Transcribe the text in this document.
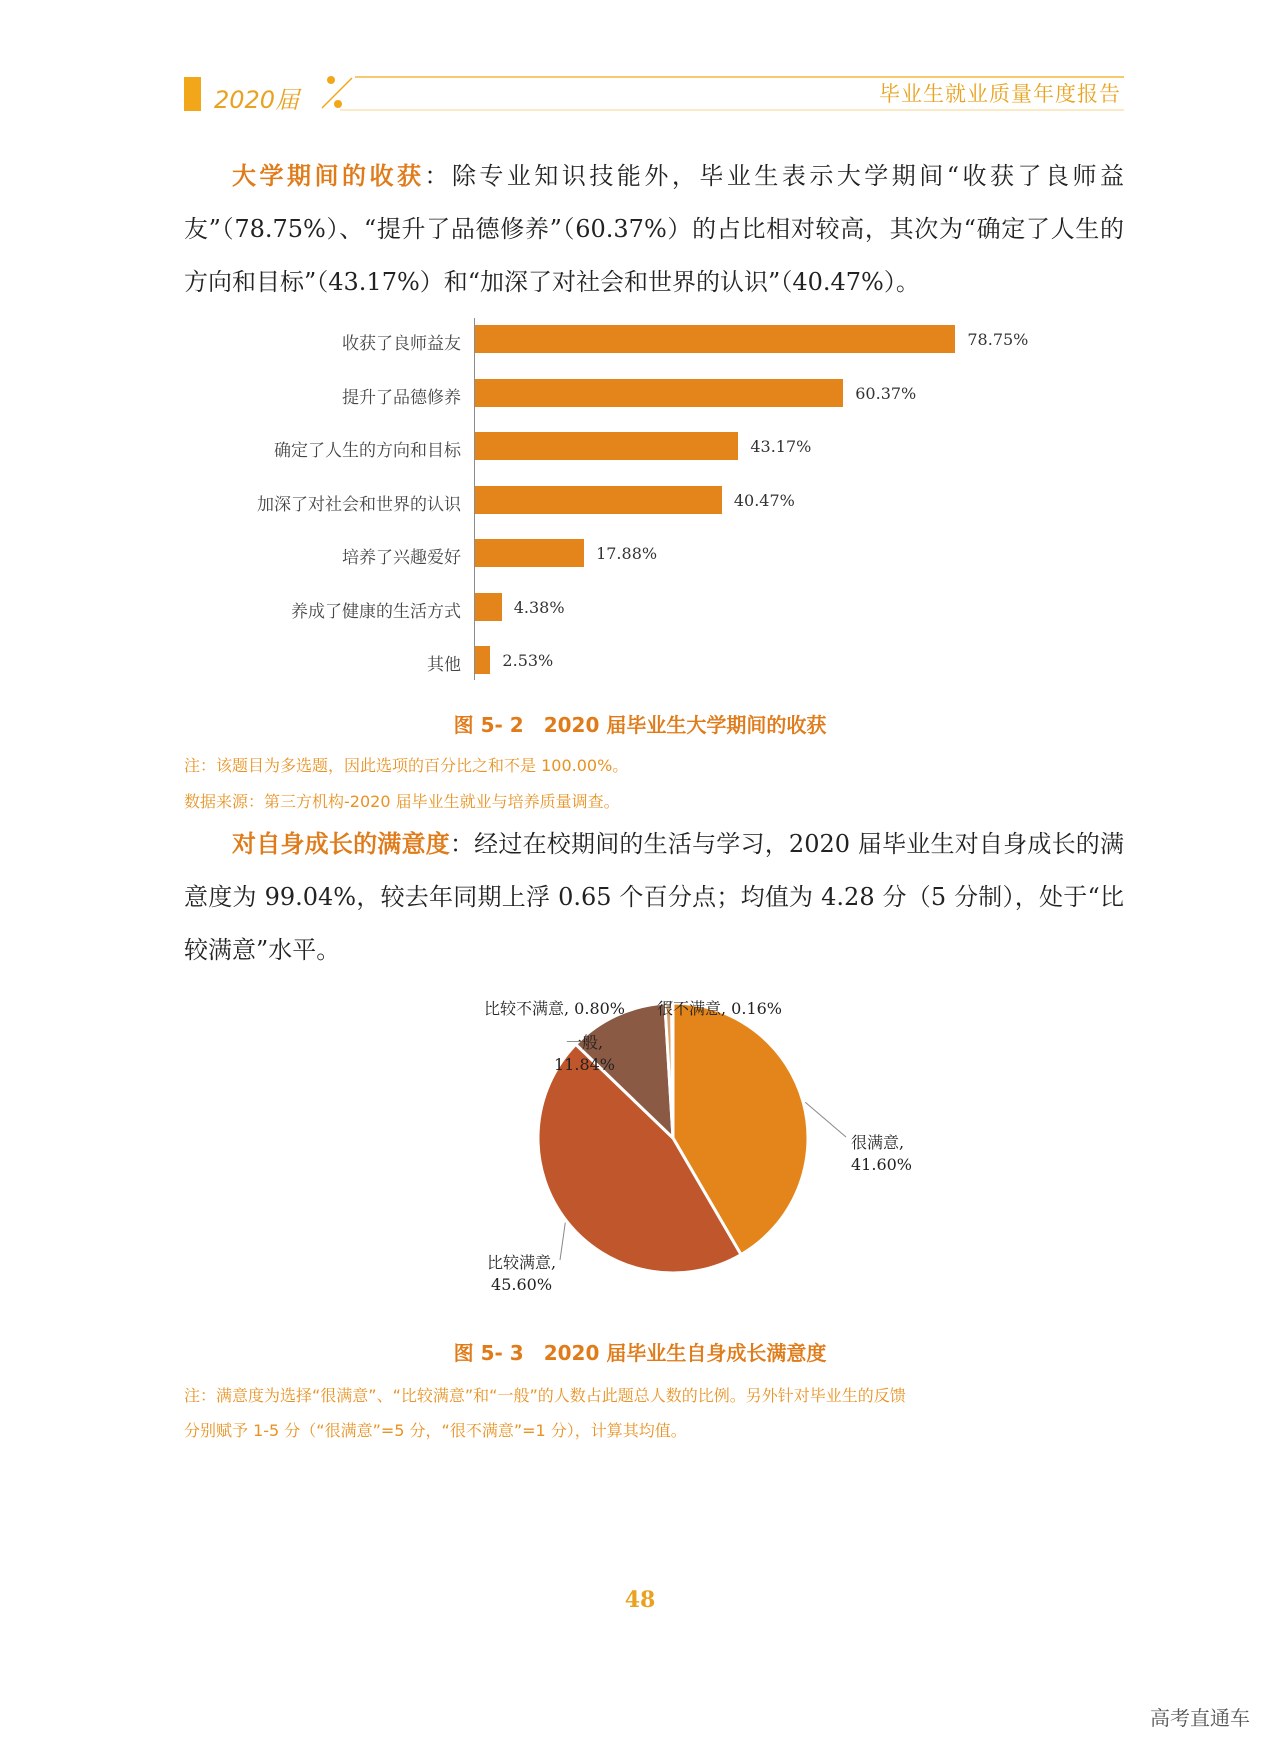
2020届	毕业生就业质量年度报告

大学期间的收获：除专业知识技能外，毕业生表示大学期间“收获了良师益友”（78.75%）、“提升了品德修养”（60.37%）的占比相对较高，其次为“确定了人生的方向和目标”（43.17%）和“加深了对社会和世界的认识”（40.47%）。

收获了良师益友	78.75%
提升了品德修养	60.37%
确定了人生的方向和目标	43.17%
加深了对社会和世界的认识	40.47%
培养了兴趣爱好	17.88%
养成了健康的生活方式	4.38%
其他	2.53%
图 5- 2　2020 届毕业生大学期间的收获
注：该题目为多选题，因此选项的百分比之和不是 100.00%。
数据来源：第三方机构-2020 届毕业生就业与培养质量调查。

对自身成长的满意度：经过在校期间的生活与学习，2020 届毕业生对自身成长的满意度为 99.04%，较去年同期上浮 0.65 个百分点；均值为 4.28 分（5 分制），处于“比较满意”水平。

很满意,
41.60%
比较满意,
45.60%
一般,
11.84%
比较不满意, 0.80% 很不满意, 0.16%
图 5- 3　2020 届毕业生自身成长满意度
注：满意度为选择“很满意”、“比较满意”和“一般”的人数占此题总人数的比例。另外针对毕业生的反馈
分别赋予 1-5 分（“很满意”=5 分，“很不满意”=1 分），计算其均值。
48
高考直通车
